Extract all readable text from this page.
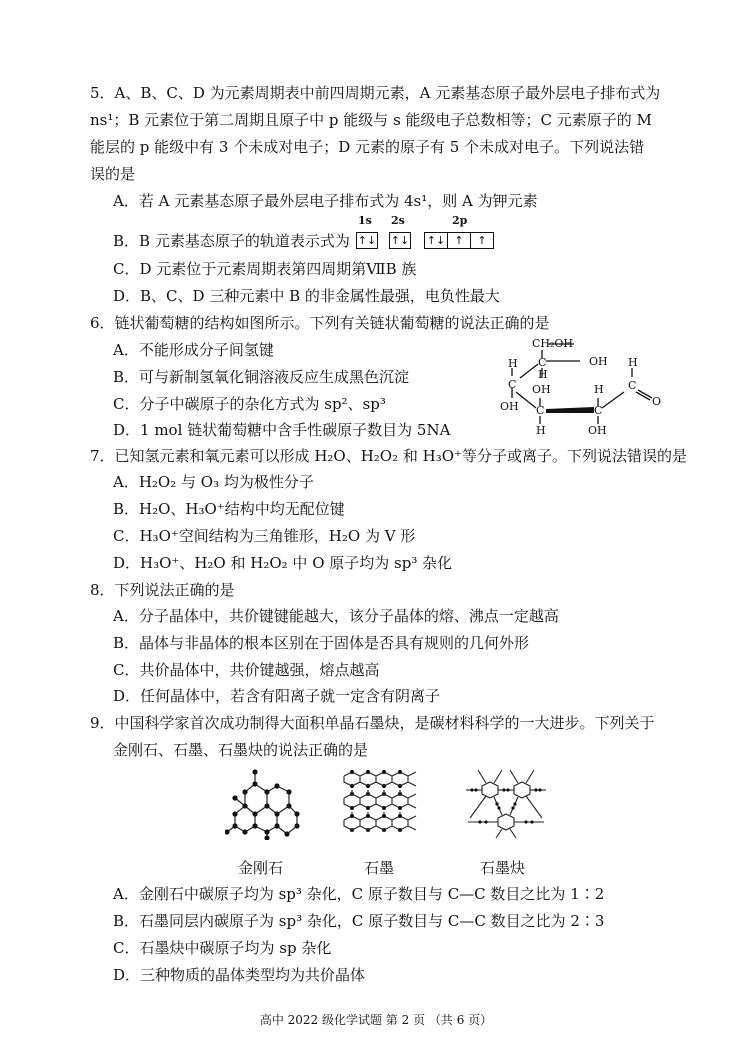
5．A、B、C、D 为元素周期表中前四周期元素，A 元素基态原子最外层电子排布式为
ns¹；B 元素位于第二周期且原子中 p 能级与 s 能级电子总数相等；C 元素原子的 M
能层的 p 能级中有 3 个未成对电子；D 元素的原子有 5 个未成对电子。下列说法错
误的是
A．若 A 元素基态原子最外层电子排布式为 4s¹，则 A 为钾元素
B．B 元素基态原子的轨道表示式为
1s 2s	2p
↑↓ ↑↓ ↑↓ ↑	↑
C．D 元素位于元素周期表第四周期第ⅦB 族
D．B、C、D 三种元素中 B 的非金属性最强，电负性最大
6．链状葡萄糖的结构如图所示。下列有关链状葡萄糖的说法正确的是
A．不能形成分子间氢键
B．可与新制氢氧化铜溶液反应生成黑色沉淀
C．分子中碳原子的杂化方式为 sp²、sp³
D．1 mol 链状葡萄糖中含手性碳原子数目为 5NA
CH₂OH
C	OH
H
H
C
OH
OH
C
H
H
C
OH
H
C
O
7．已知氢元素和氧元素可以形成 H₂O、H₂O₂ 和 H₃O⁺等分子或离子。下列说法错误的是
A．H₂O₂ 与 O₃ 均为极性分子
B．H₂O、H₃O⁺结构中均无配位键
C．H₃O⁺空间结构为三角锥形，H₂O 为 V 形
D．H₃O⁺、H₂O 和 H₂O₂ 中 O 原子均为 sp³ 杂化
8．下列说法正确的是
A．分子晶体中，共价键键能越大，该分子晶体的熔、沸点一定越高
B．晶体与非晶体的根本区别在于固体是否具有规则的几何外形
C．共价晶体中，共价键越强，熔点越高
D．任何晶体中，若含有阳离子就一定含有阴离子
9．中国科学家首次成功制得大面积单晶石墨炔，是碳材料科学的一大进步。下列关于
金刚石、石墨、石墨炔的说法正确的是
金刚石	石墨	石墨炔
A．金刚石中碳原子均为 sp³ 杂化，C 原子数目与 C—C 数目之比为 1∶2
B．石墨同层内碳原子为 sp³ 杂化，C 原子数目与 C—C 数目之比为 2∶3
C．石墨炔中碳原子均为 sp 杂化
D．三种物质的晶体类型均为共价晶体
高中 2022 级化学试题 第 2 页 （共 6 页）
